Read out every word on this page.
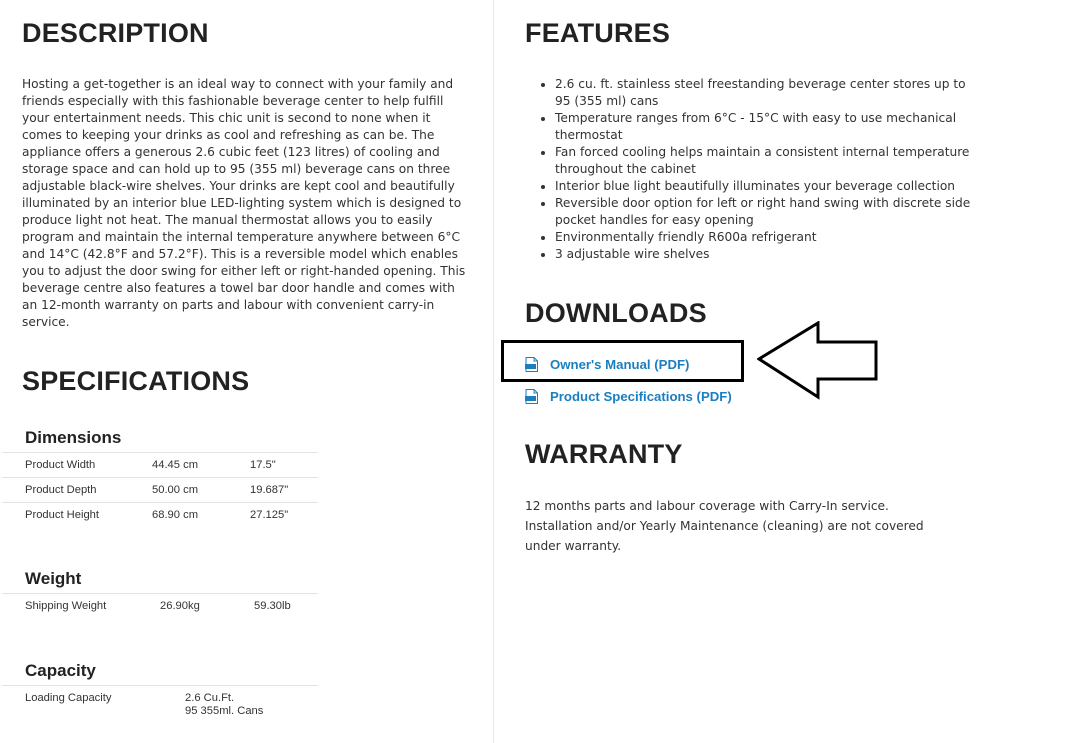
DESCRIPTION

Hosting a get-together is an ideal way to connect with your family and friends especially with this fashionable beverage center to help fulfill your entertainment needs. This chic unit is second to none when it comes to keeping your drinks as cool and refreshing as can be. The appliance offers a generous 2.6 cubic feet (123 litres) of cooling and storage space and can hold up to 95 (355 ml) beverage cans on three adjustable black-wire shelves. Your drinks are kept cool and beautifully illuminated by an interior blue LED-lighting system which is designed to produce light not heat. The manual thermostat allows you to easily program and maintain the internal temperature anywhere between 6°C and 14°C (42.8°F and 57.2°F). This is a reversible model which enables you to adjust the door swing for either left or right-handed opening. This beverage centre also features a towel bar door handle and comes with an 12-month warranty on parts and labour with convenient carry-in service.

SPECIFICATIONS
Dimensions
Product Width	44.45 cm	17.5"
Product Depth	50.00 cm	19.687"
Product Height	68.90 cm	27.125"
Weight
Shipping Weight	26.90kg	59.30lb
Capacity
Loading Capacity	2.6 Cu.Ft.
95 355ml. Cans
FEATURES
• 2.6 cu. ft. stainless steel freestanding beverage center stores up to 95 (355 ml) cans
• Temperature ranges from 6°C - 15°C with easy to use mechanical thermostat
• Fan forced cooling helps maintain a consistent internal temperature throughout the cabinet
• Interior blue light beautifully illuminates your beverage collection
• Reversible door option for left or right hand swing with discrete side pocket handles for easy opening
• Environmentally friendly R600a refrigerant
• 3 adjustable wire shelves
DOWNLOADS
Owner's Manual (PDF)
Product Specifications (PDF)
WARRANTY

12 months parts and labour coverage with Carry-In service. Installation and/or Yearly Maintenance (cleaning) are not covered under warranty.
